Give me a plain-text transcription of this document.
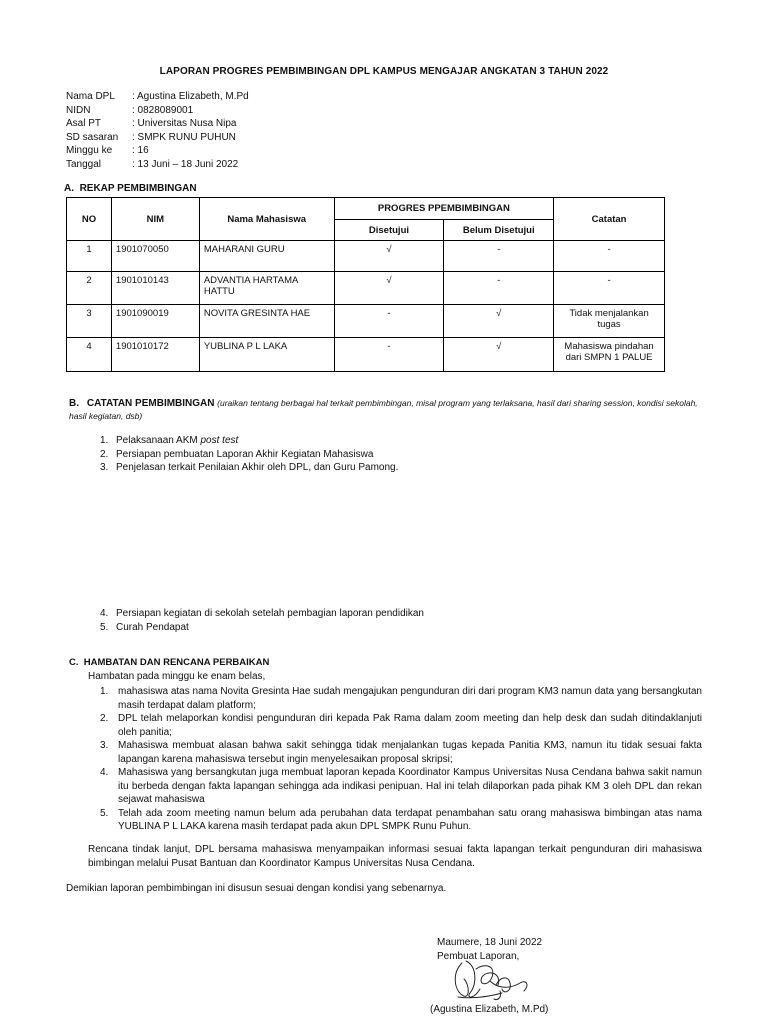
LAPORAN PROGRES PEMBIMBINGAN DPL KAMPUS MENGAJAR ANGKATAN 3 TAHUN 2022
Nama DPL	: Agustina Elizabeth, M.Pd
NIDN	: 0828089001
Asal PT	: Universitas Nusa Nipa
SD sasaran	: SMPK RUNU PUHUN
Minggu ke	: 16
Tanggal	: 13 Juni – 18 Juni 2022
A. REKAP PEMBIMBINGAN
NO	NIM	Nama Mahasiswa	PROGRES PPEMBIMBINGAN		Catatan
			Disetujui	Belum Disetujui	
1	1901070050	MAHARANI GURU	√	-	-
2	1901010143	ADVANTIA HARTAMA HATTU	√	-	-
3	1901090019	NOVITA GRESINTA HAE	-	√	Tidak menjalankan tugas
4	1901010172	YUBLINA P L LAKA	-	√	Mahasiswa pindahan dari SMPN 1 PALUE
B. CATATAN PEMBIMBINGAN (uraikan tentang berbagai hal terkait pembimbingan, misal program yang terlaksana, hasil dari sharing session, kondisi sekolah, hasil kegiatan, dsb)
1. Pelaksanaan AKM post test
2. Persiapan pembuatan Laporan Akhir Kegiatan Mahasiswa
3. Penjelasan terkait Penilaian Akhir oleh DPL, dan Guru Pamong.
4. Persiapan kegiatan di sekolah setelah pembagian laporan pendidikan
5. Curah Pendapat
C. HAMBATAN DAN RENCANA PERBAIKAN
Hambatan pada minggu ke enam belas,
1. mahasiswa atas nama Novita Gresinta Hae sudah mengajukan pengunduran diri dari program KM3 namun data yang bersangkutan masih terdapat dalam platform;
2. DPL telah melaporkan kondisi pengunduran diri kepada Pak Rama dalam zoom meeting dan help desk dan sudah ditindaklanjuti oleh panitia;
3. Mahasiswa membuat alasan bahwa sakit sehingga tidak menjalankan tugas kepada Panitia KM3, namun itu tidak sesuai fakta lapangan karena mahasiswa tersebut ingin menyelesaikan proposal skripsi;
4. Mahasiswa yang bersangkutan juga membuat laporan kepada Koordinator Kampus Universitas Nusa Cendana bahwa sakit namun itu berbeda dengan fakta lapangan sehingga ada indikasi penipuan. Hal ini telah dilaporkan pada pihak KM 3 oleh DPL dan rekan sejawat mahasiswa
5. Telah ada zoom meeting namun belum ada perubahan data terdapat penambahan satu orang mahasiswa bimbingan atas nama YUBLINA P L LAKA karena masih terdapat pada akun DPL SMPK Runu Puhun.
Rencana tindak lanjut, DPL bersama mahasiswa menyampaikan informasi sesuai fakta lapangan terkait pengunduran diri mahasiswa bimbingan melalui Pusat Bantuan dan Koordinator Kampus Universitas Nusa Cendana.
Demikian laporan pembimbingan ini disusun sesuai dengan kondisi yang sebenarnya.
Maumere, 18 Juni 2022
Pembuat Laporan,
(Agustina Elizabeth, M.Pd)
